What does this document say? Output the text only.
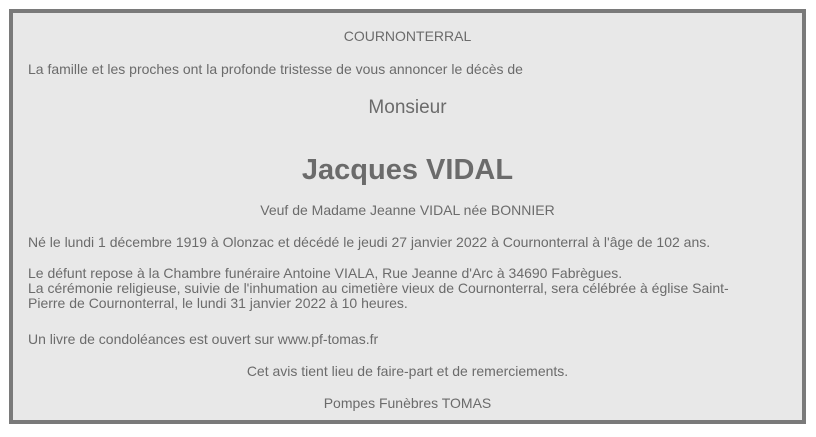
COURNONTERRAL
La famille et les proches ont la profonde tristesse de vous annoncer le décès de
Monsieur
Jacques VIDAL
Veuf de Madame Jeanne VIDAL née BONNIER
Né le lundi 1 décembre 1919 à Olonzac et décédé le jeudi 27 janvier 2022 à Cournonterral à l'âge de 102 ans.
Le défunt repose à la Chambre funéraire Antoine VIALA, Rue Jeanne d'Arc à 34690 Fabrègues.
La cérémonie religieuse, suivie de l'inhumation au cimetière vieux de Cournonterral, sera célébrée à église Saint-
Pierre de Cournonterral, le lundi 31 janvier 2022 à 10 heures.
Un livre de condoléances est ouvert sur www.pf-tomas.fr
Cet avis tient lieu de faire-part et de remerciements.
Pompes Funèbres TOMAS
